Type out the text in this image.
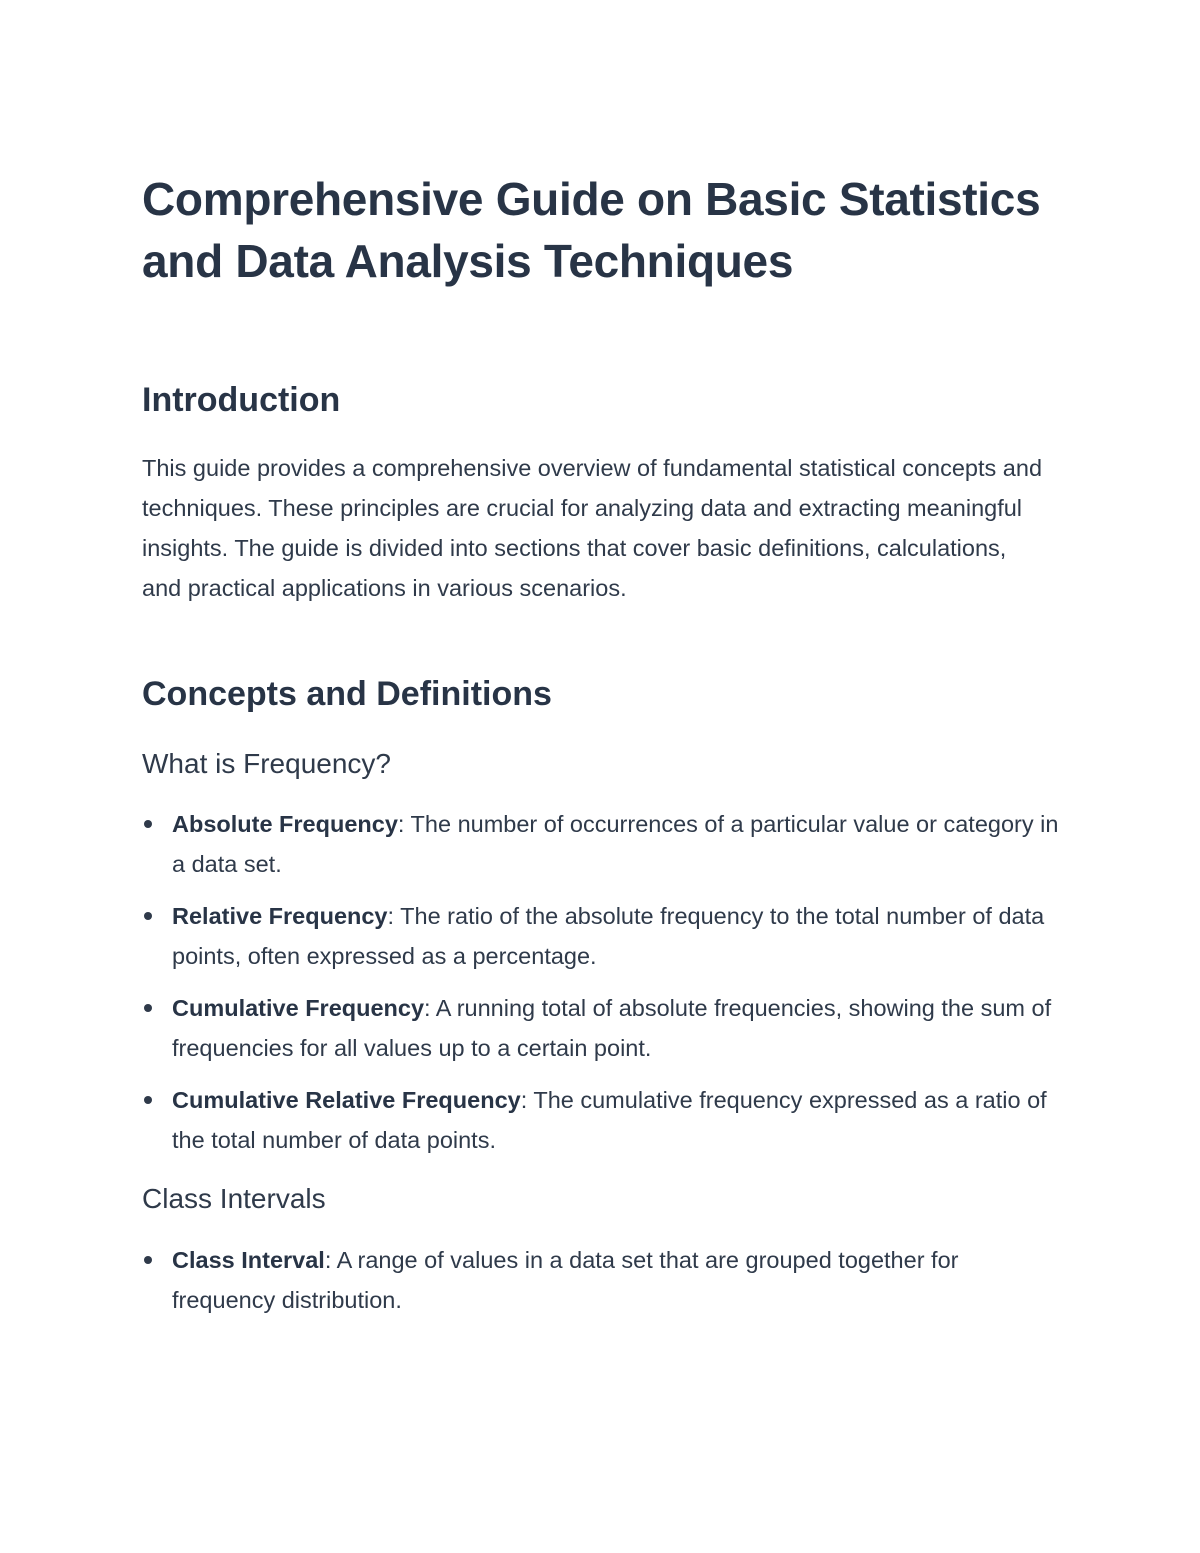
Comprehensive Guide on Basic Statistics and Data Analysis Techniques
Introduction

This guide provides a comprehensive overview of fundamental statistical concepts and techniques. These principles are crucial for analyzing data and extracting meaningful insights. The guide is divided into sections that cover basic definitions, calculations, and practical applications in various scenarios.

Concepts and Definitions
What is Frequency?
Absolute Frequency: The number of occurrences of a particular value or category in a data set.
Relative Frequency: The ratio of the absolute frequency to the total number of data points, often expressed as a percentage.
Cumulative Frequency: A running total of absolute frequencies, showing the sum of frequencies for all values up to a certain point.
Cumulative Relative Frequency: The cumulative frequency expressed as a ratio of the total number of data points.
Class Intervals
Class Interval: A range of values in a data set that are grouped together for frequency distribution.
